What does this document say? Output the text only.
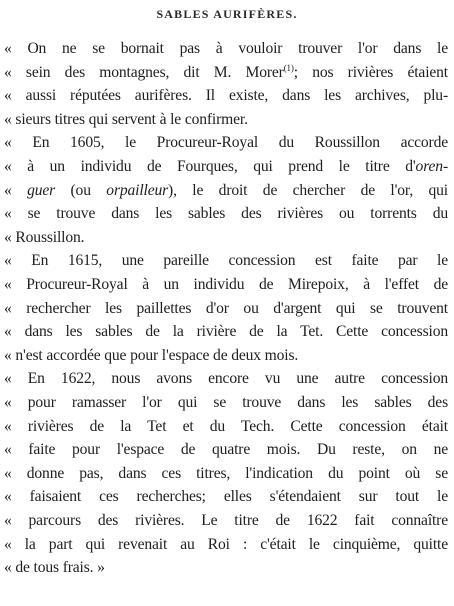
SABLES AURIFÈRES.
« On ne se bornait pas à vouloir trouver l'or dans le
« sein des montagnes, dit M. Morer$^{(1)}$; nos rivières étaient
« aussi réputées aurifères. Il existe, dans les archives, plu-
« sieurs titres qui servent à le confirmer.
« En 1605, le Procureur-Royal du Roussillon accorde
« à un individu de Fourques, qui prend le titre d'oren-
« guer (ou orpailleur), le droit de chercher de l'or, qui
« se trouve dans les sables des rivières ou torrents du
« Roussillon.
« En 1615, une pareille concession est faite par le
« Procureur-Royal à un individu de Mirepoix, à l'effet de
« rechercher les paillettes d'or ou d'argent qui se trouvent
« dans les sables de la rivière de la Tet. Cette concession
« n'est accordée que pour l'espace de deux mois.
« En 1622, nous avons encore vu une autre concession
« pour ramasser l'or qui se trouve dans les sables des
« rivières de la Tet et du Tech. Cette concession était
« faite pour l'espace de quatre mois. Du reste, on ne
« donne pas, dans ces titres, l'indication du point où se
« faisaient ces recherches; elles s'étendaient sur tout le
« parcours des rivières. Le titre de 1622 fait connaître
« la part qui revenait au Roi : c'était le cinquième, quitte
« de tous frais. »
